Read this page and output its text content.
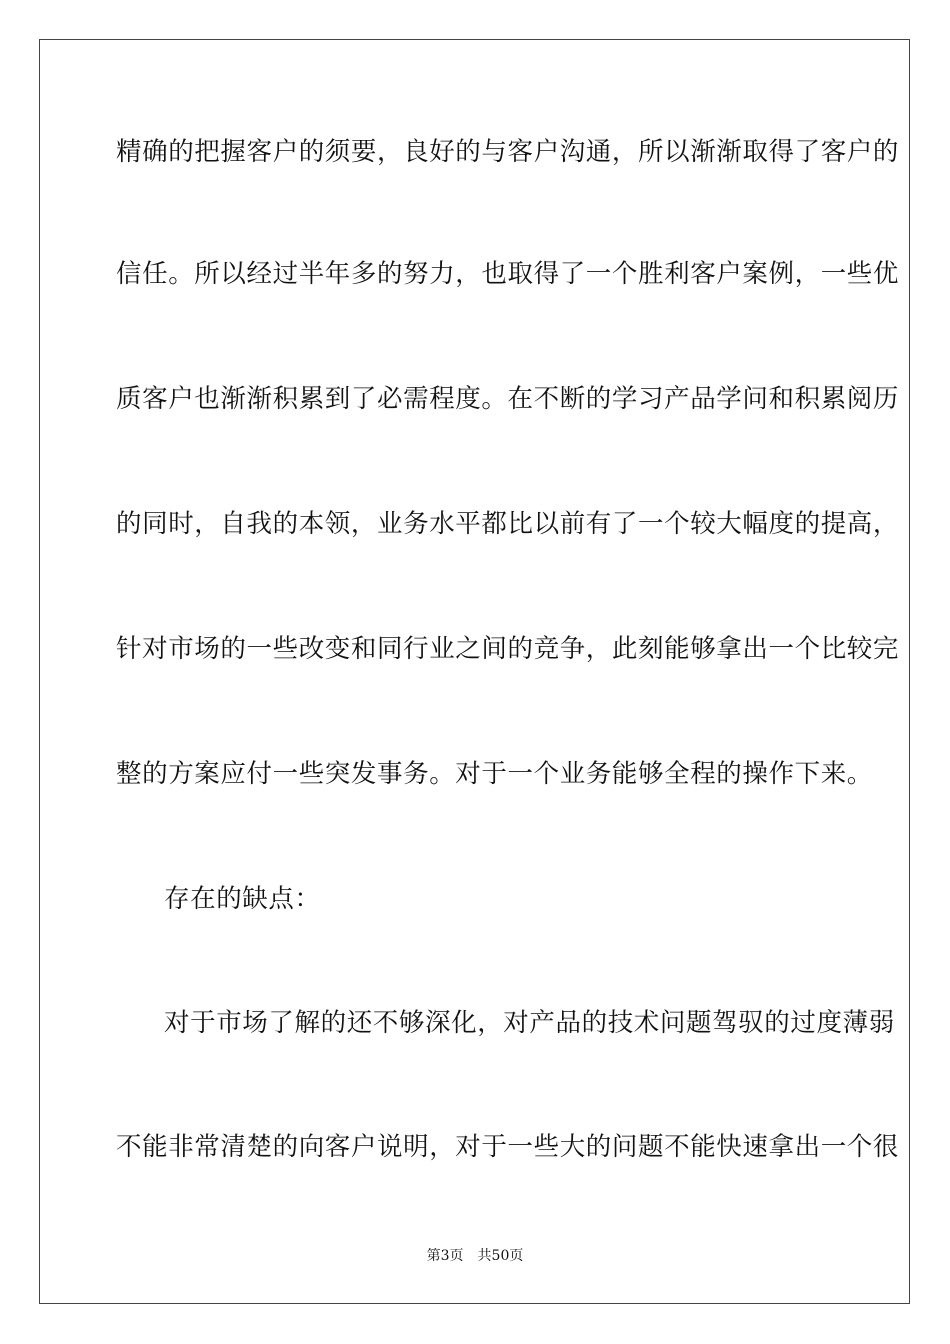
精确的把握客户的须要，良好的与客户沟通，所以渐渐取得了客户的
信任。所以经过半年多的努力，也取得了一个胜利客户案例，一些优
质客户也渐渐积累到了必需程度。在不断的学习产品学问和积累阅历
的同时，自我的本领，业务水平都比以前有了一个较大幅度的提高，
针对市场的一些改变和同行业之间的竞争，此刻能够拿出一个比较完
整的方案应付一些突发事务。对于一个业务能够全程的操作下来。
存在的缺点：
对于市场了解的还不够深化，对产品的技术问题驾驭的过度薄弱
不能非常清楚的向客户说明，对于一些大的问题不能快速拿出一个很
第3页 共50页
